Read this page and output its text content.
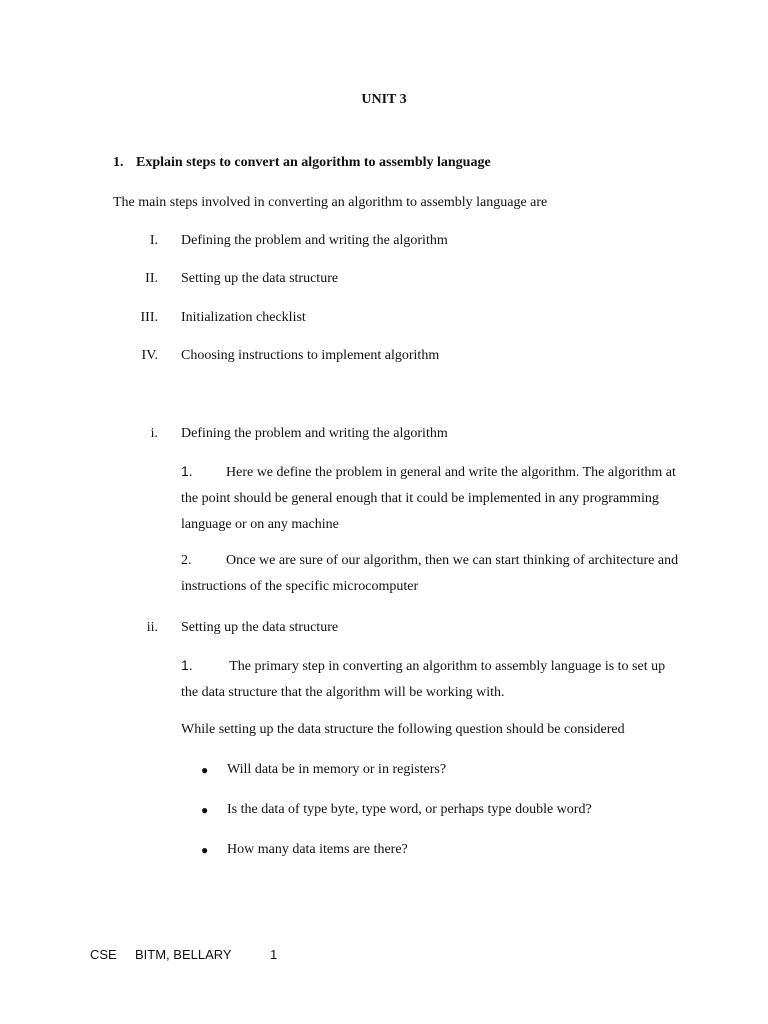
UNIT 3
1. Explain steps to convert an algorithm to assembly language
The main steps involved in converting an algorithm to assembly language are
I. Defining the problem and writing the algorithm
II. Setting up the data structure
III. Initialization checklist
IV. Choosing instructions to implement algorithm
i. Defining the problem and writing the algorithm
1. Here we define the problem in general and write the algorithm. The algorithm at the point should be general enough that it could be implemented in any programming language or on any machine
2. Once we are sure of our algorithm, then we can start thinking of architecture and instructions of the specific microcomputer
ii. Setting up the data structure
1. The primary step in converting an algorithm to assembly language is to set up the data structure that the algorithm will be working with.
While setting up the data structure the following question should be considered
● Will data be in memory or in registers?
● Is the data of type byte, type word, or perhaps type double word?
● How many data items are there?
CSE BITM, BELLARY	1
